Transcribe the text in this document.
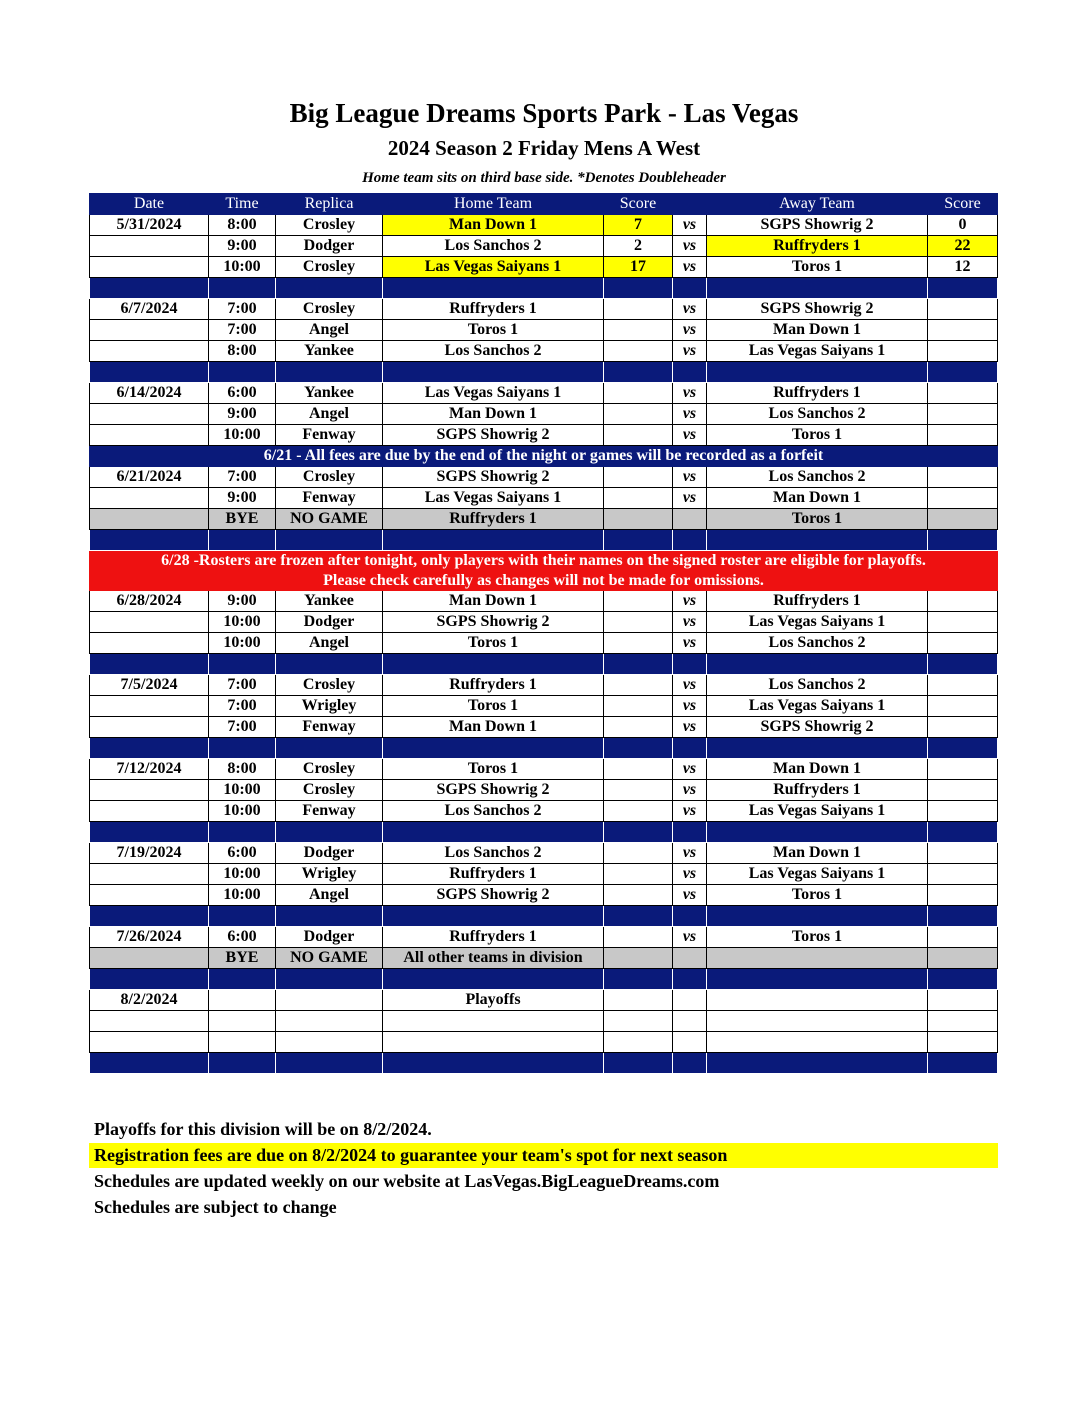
Big League Dreams Sports Park - Las Vegas
2024 Season 2 Friday Mens A West
Home team sits on third base side. *Denotes Doubleheader
Date	Time	Replica	Home Team	Score		Away Team	Score
5/31/2024	8:00	Crosley	Man Down 1	7	vs	SGPS Showrig 2	0
	9:00	Dodger	Los Sanchos 2	2	vs	Ruffryders 1	22
	10:00	Crosley	Las Vegas Saiyans 1	17	vs	Toros 1	12

6/7/2024	7:00	Crosley	Ruffryders 1		vs	SGPS Showrig 2	
	7:00	Angel	Toros 1		vs	Man Down 1	
	8:00	Yankee	Los Sanchos 2		vs	Las Vegas Saiyans 1	

6/14/2024	6:00	Yankee	Las Vegas Saiyans 1		vs	Ruffryders 1	
	9:00	Angel	Man Down 1		vs	Los Sanchos 2	
	10:00	Fenway	SGPS Showrig 2		vs	Toros 1	
6/21 - All fees are due by the end of the night or games will be recorded as a forfeit							
6/21/2024	7:00	Crosley	SGPS Showrig 2		vs	Los Sanchos 2	
	9:00	Fenway	Las Vegas Saiyans 1		vs	Man Down 1	
	BYE	NO GAME	Ruffryders 1			Toros 1	

6/28 -Rosters are frozen after tonight, only players with their names on the signed roster are eligible for playoffs.							
Please check carefully as changes will not be made for omissions.							
6/28/2024	9:00	Yankee	Man Down 1		vs	Ruffryders 1	
	10:00	Dodger	SGPS Showrig 2		vs	Las Vegas Saiyans 1	
	10:00	Angel	Toros 1		vs	Los Sanchos 2	

7/5/2024	7:00	Crosley	Ruffryders 1		vs	Los Sanchos 2	
	7:00	Wrigley	Toros 1		vs	Las Vegas Saiyans 1	
	7:00	Fenway	Man Down 1		vs	SGPS Showrig 2	

7/12/2024	8:00	Crosley	Toros 1		vs	Man Down 1	
	10:00	Crosley	SGPS Showrig 2		vs	Ruffryders 1	
	10:00	Fenway	Los Sanchos 2		vs	Las Vegas Saiyans 1	

7/19/2024	6:00	Dodger	Los Sanchos 2		vs	Man Down 1	
	10:00	Wrigley	Ruffryders 1		vs	Las Vegas Saiyans 1	
	10:00	Angel	SGPS Showrig 2		vs	Toros 1	

7/26/2024	6:00	Dodger	Ruffryders 1		vs	Toros 1	
	BYE	NO GAME	All other teams in division				

8/2/2024			Playoffs				

Playoffs for this division will be on 8/2/2024.
Registration fees are due on 8/2/2024 to guarantee your team's spot for next season
Schedules are updated weekly on our website at LasVegas.BigLeagueDreams.com
Schedules are subject to change
